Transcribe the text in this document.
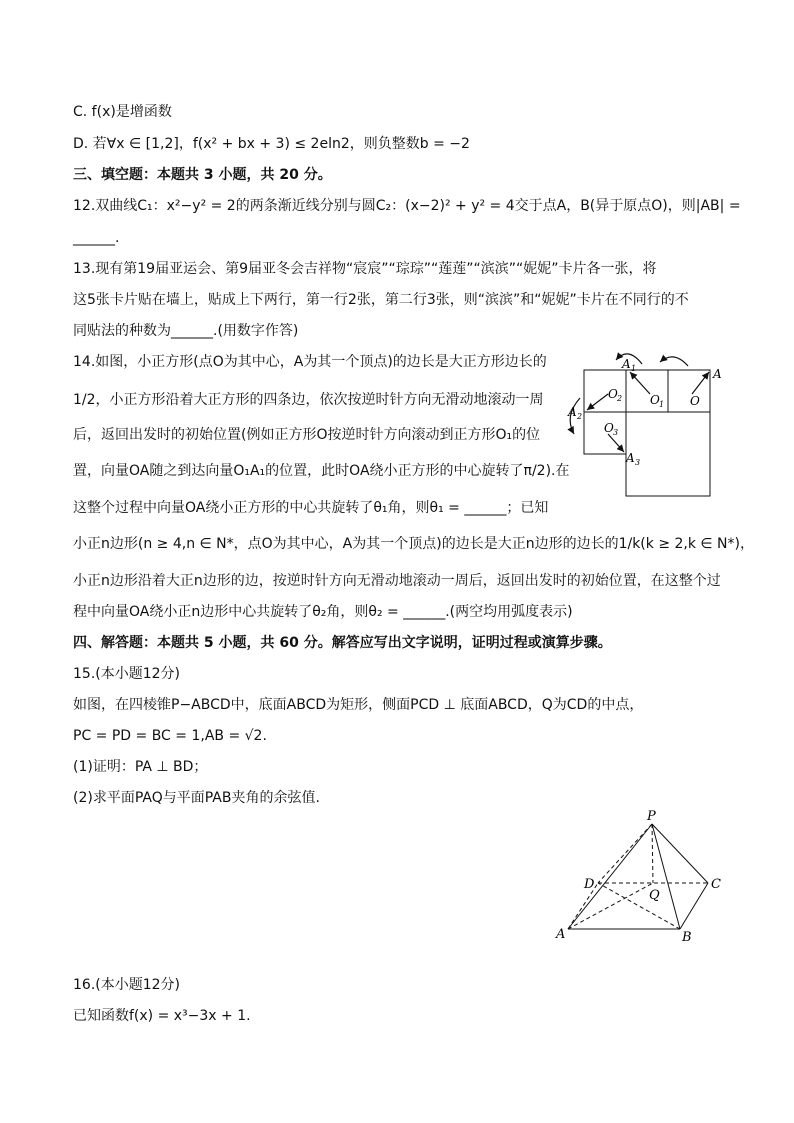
C. f(x)是增函数
D. 若∀x ∈ [1,2]，f(x² + bx + 3) ≤ 2eln2，则负整数b = −2
三、填空题：本题共 3 小题，共 20 分。
12.双曲线C₁：x²−y² = 2的两条渐近线分别与圆C₂：(x−2)² + y² = 4交于点A，B(异于原点O)，则|AB| =
______.
13.现有第19届亚运会、第9届亚冬会吉祥物“宸宸”“琮琮”“莲莲”“滨滨”“妮妮”卡片各一张，将
这5张卡片贴在墙上，贴成上下两行，第一行2张，第二行3张，则“滨滨”和“妮妮”卡片在不同行的不
同贴法的种数为______.(用数字作答)
14.如图，小正方形(点O为其中心，A为其一个顶点)的边长是大正方形边长的
1/2，小正方形沿着大正方形的四条边，依次按逆时针方向无滑动地滚动一周
后，返回出发时的初始位置(例如正方形O按逆时针方向滚动到正方形O₁的位
置，向量OA随之到达向量O₁A₁的位置，此时OA绕小正方形的中心旋转了π/2).在
这整个过程中向量OA绕小正方形的中心共旋转了θ₁角，则θ₁ = ______；已知
小正n边形(n ≥ 4,n ∈ N*，点O为其中心，A为其一个顶点)的边长是大正n边形的边长的1/k(k ≥ 2,k ∈ N*)，
小正n边形沿着大正n边形的边，按逆时针方向无滑动地滚动一周后，返回出发时的初始位置，在这整个过
程中向量OA绕小正n边形中心共旋转了θ₂角，则θ₂ = ______.(两空均用弧度表示)
四、解答题：本题共 5 小题，共 60 分。解答应写出文字说明，证明过程或演算步骤。
15.(本小题12分)
如图，在四棱锥P−ABCD中，底面ABCD为矩形，侧面PCD ⊥ 底面ABCD，Q为CD的中点，
PC = PD = BC = 1,AB = √2.
(1)证明：PA ⊥ BD；
(2)求平面PAQ与平面PAB夹角的余弦值.
16.(本小题12分)
已知函数f(x) = x³−3x + 1.
A
O
A 1
O 1
O 2
A 2
O 3
A 3
P
D	C
Q
A	B
